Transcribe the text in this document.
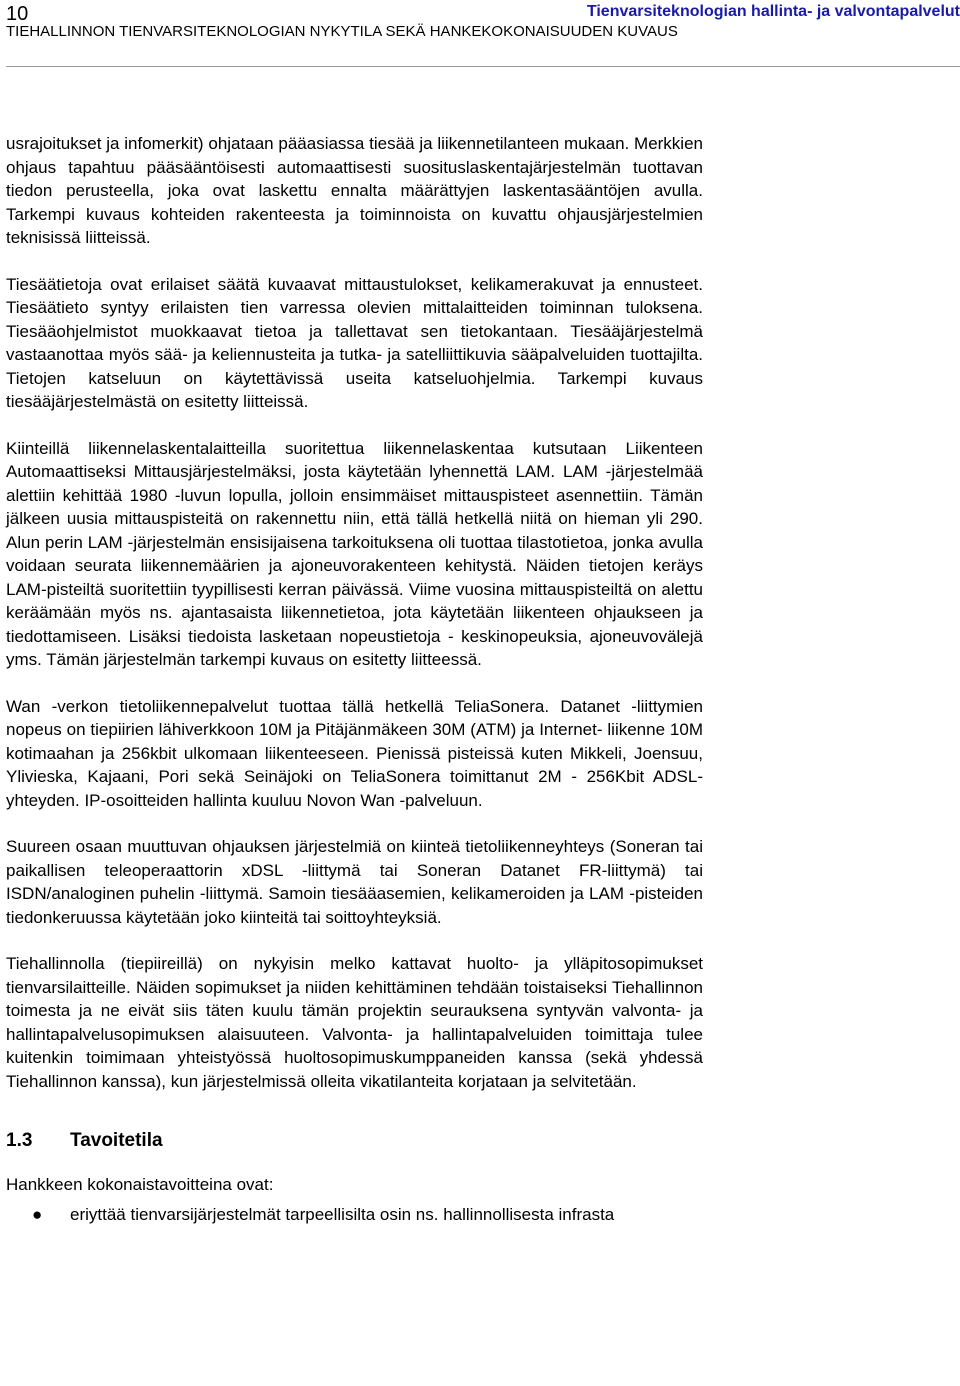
10	Tienvarsiteknologian hallinta- ja valvontapalvelut
TIEHALLINNON TIENVARSITEKNOLOGIAN NYKYTILA SEKÄ HANKEKOKONAISUUDEN KUVAUS

usrajoitukset ja infomerkit) ohjataan pääasiassa tiesää ja liikennetilanteen mukaan. Merkkien ohjaus tapahtuu pääsääntöisesti automaattisesti suosituslaskentajärjestelmän tuottavan tiedon perusteella, joka ovat laskettu ennalta määrättyjen laskentasääntöjen avulla. Tarkempi kuvaus kohteiden rakenteesta ja toiminnoista on kuvattu ohjausjärjestelmien teknisissä liitteissä.

Tiesäätietoja ovat erilaiset säätä kuvaavat mittaustulokset, kelikamerakuvat ja ennusteet. Tiesäätieto syntyy erilaisten tien varressa olevien mittalaitteiden toiminnan tuloksena. Tiesääohjelmistot muokkaavat tietoa ja tallettavat sen tietokantaan. Tiesääjärjestelmä vastaanottaa myös sää- ja keliennusteita ja tutka- ja satelliittikuvia sääpalveluiden tuottajilta. Tietojen katseluun on käytettävissä useita katseluohjelmia. Tarkempi kuvaus tiesääjärjestelmästä on esitetty liitteissä.

Kiinteillä liikennelaskentalaitteilla suoritettua liikennelaskentaa kutsutaan Liikenteen Automaattiseksi Mittausjärjestelmäksi, josta käytetään lyhennettä LAM. LAM -järjestelmää alettiin kehittää 1980 -luvun lopulla, jolloin ensimmäiset mittauspisteet asennettiin. Tämän jälkeen uusia mittauspisteitä on rakennettu niin, että tällä hetkellä niitä on hieman yli 290. Alun perin LAM -järjestelmän ensisijaisena tarkoituksena oli tuottaa tilastotietoa, jonka avulla voidaan seurata liikennemäärien ja ajoneuvorakenteen kehitystä. Näiden tietojen keräys LAM-pisteiltä suoritettiin tyypillisesti kerran päivässä. Viime vuosina mittauspisteiltä on alettu keräämään myös ns. ajantasaista liikennetietoa, jota käytetään liikenteen ohjaukseen ja tiedottamiseen. Lisäksi tiedoista lasketaan nopeustietoja - keskinopeuksia, ajoneuvovälejä yms. Tämän järjestelmän tarkempi kuvaus on esitetty liitteessä.

Wan -verkon tietoliikennepalvelut tuottaa tällä hetkellä TeliaSonera. Datanet -liittymien nopeus on tiepiirien lähiverkkoon 10M ja Pitäjänmäkeen 30M (ATM) ja Internet- liikenne 10M kotimaahan ja 256kbit ulkomaan liikenteeseen. Pienissä pisteissä kuten Mikkeli, Joensuu, Ylivieska, Kajaani, Pori sekä Seinäjoki on TeliaSonera toimittanut 2M - 256Kbit ADSL- yhteyden. IP-osoitteiden hallinta kuuluu Novon Wan -palveluun.

Suureen osaan muuttuvan ohjauksen järjestelmiä on kiinteä tietoliikenneyhteys (Soneran tai paikallisen teleoperaattorin xDSL -liittymä tai Soneran Datanet FR-liittymä) tai ISDN/analoginen puhelin -liittymä. Samoin tiesääasemien, kelikameroiden ja LAM -pisteiden tiedonkeruussa käytetään joko kiinteitä tai soittoyhteyksiä.

Tiehallinnolla (tiepiireillä) on nykyisin melko kattavat huolto- ja ylläpitosopimukset tienvarsilaitteille. Näiden sopimukset ja niiden kehittäminen tehdään toistaiseksi Tiehallinnon toimesta ja ne eivät siis täten kuulu tämän projektin seurauksena syntyvän valvonta- ja hallintapalvelusopimuksen alaisuuteen. Valvonta- ja hallintapalveluiden toimittaja tulee kuitenkin toimimaan yhteistyössä huoltosopimuskumppaneiden kanssa (sekä yhdessä Tiehallinnon kanssa), kun järjestelmissä olleita vikatilanteita korjataan ja selvitetään.

1.3	Tavoitetila
Hankkeen kokonaistavoitteina ovat:
● eriyttää tienvarsijärjestelmät tarpeellisilta osin ns. hallinnollisesta infrasta
